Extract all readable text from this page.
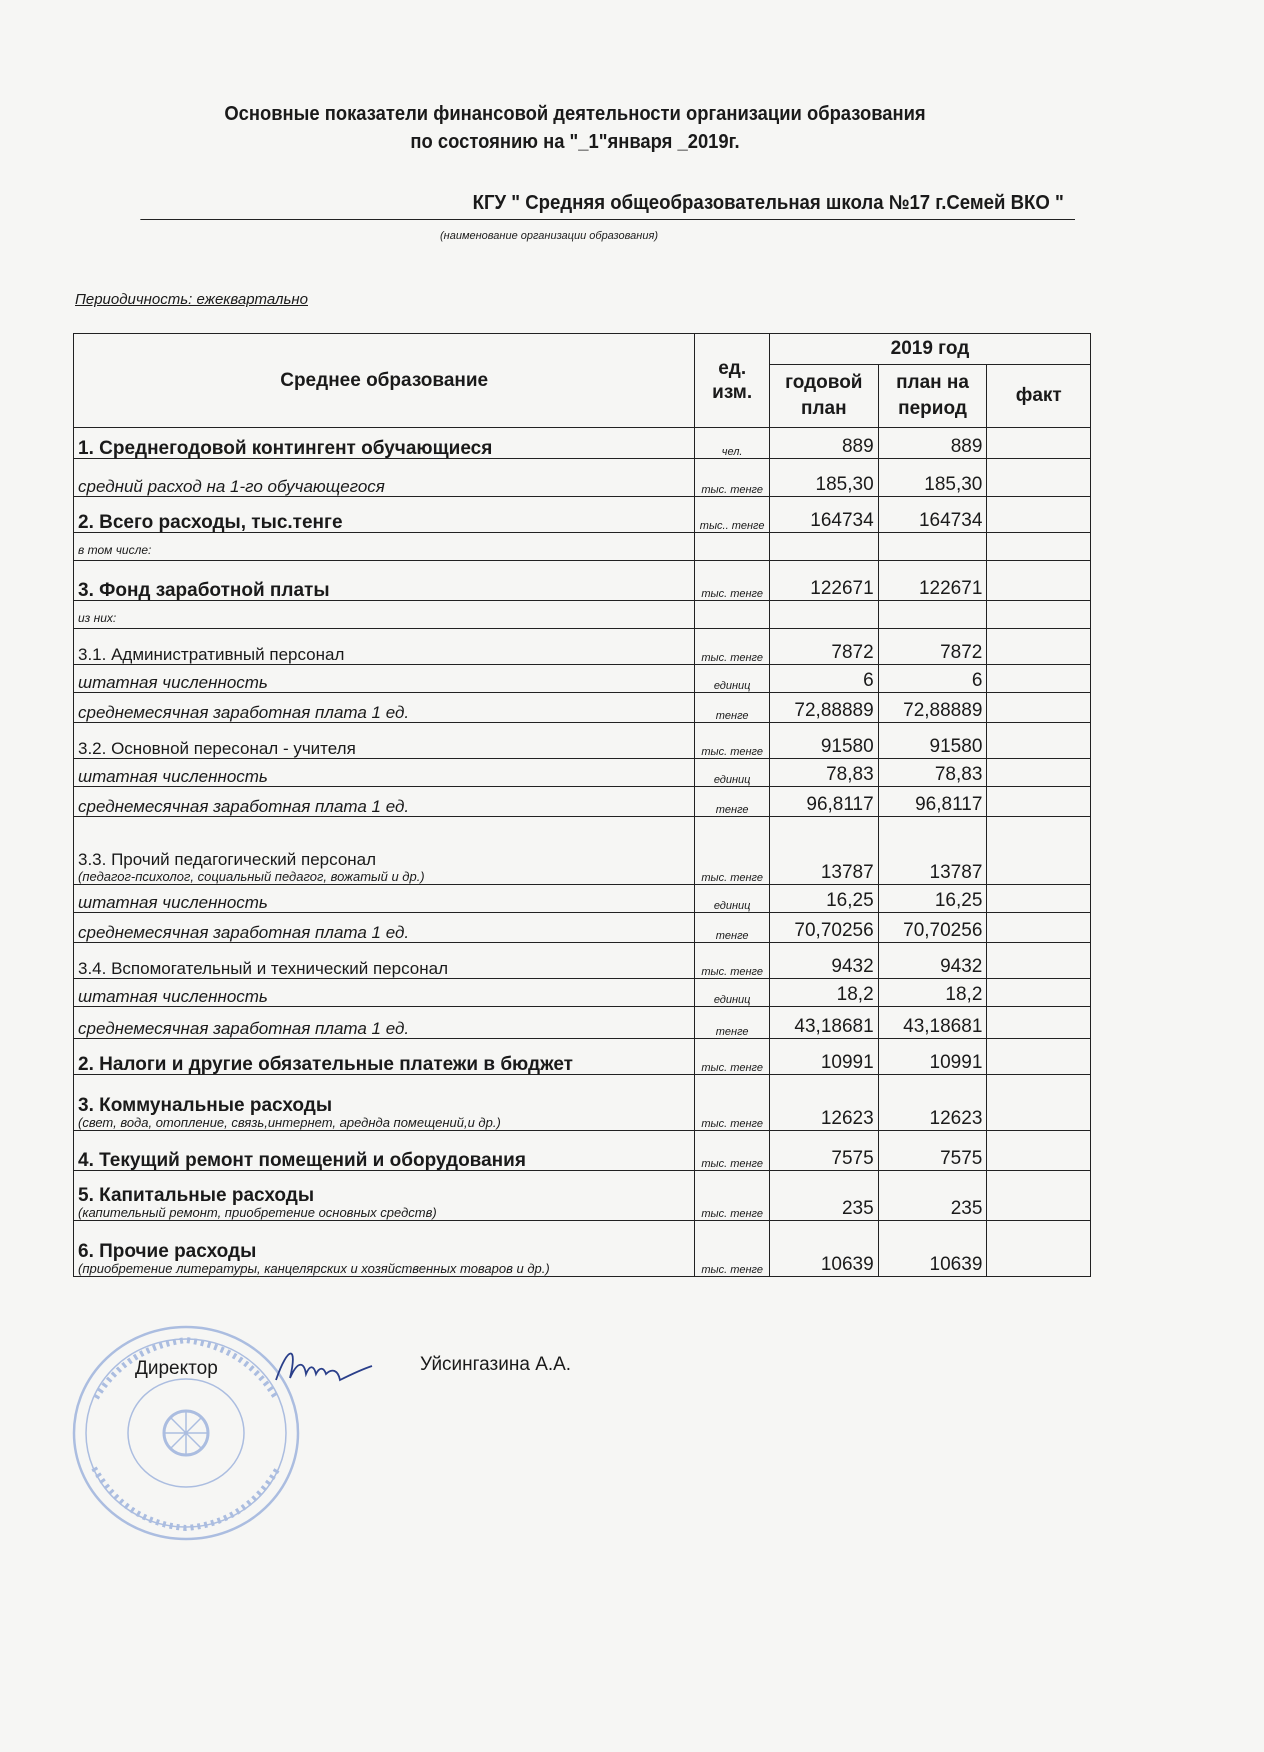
Основные показатели финансовой деятельности организации образования
по состоянию на "_1"января _2019г.
КГУ " Средняя общеобразовательная школа №17 г.Семей ВКО "
(наименование организации образования)
Периодичность: ежеквартально
Среднее образование	ед. изм.	2019 год		
		годовой план	план на период	факт
1. Среднегодовой контингент обучающиеся	чел.	889	889	
средний расход на 1-го обучающегося	тыс. тенге	185,30	185,30	
2. Всего расходы, тыс.тенге	тыс.. тенге	164734	164734	
в том числе:				
3. Фонд заработной платы	тыс. тенге	122671	122671	
из них:				
3.1. Административный персонал	тыс. тенге	7872	7872	
штатная численность	единиц	6	6	
среднемесячная заработная плата 1 ед.	тенге	72,88889	72,88889	
3.2. Основной пересонал - учителя	тыс. тенге	91580	91580	
штатная численность	единиц	78,83	78,83	
среднемесячная заработная плата 1 ед.	тенге	96,8117	96,8117	
3.3. Прочий педагогический персонал
(педагог-психолог, социальный педагог, вожатый и др.)	тыс. тенге	13787	13787	
штатная численность	единиц	16,25	16,25	
среднемесячная заработная плата 1 ед.	тенге	70,70256	70,70256	
3.4. Вспомогательный и технический персонал	тыс. тенге	9432	9432	
штатная численность	единиц	18,2	18,2	
среднемесячная заработная плата 1 ед.	тенге	43,18681	43,18681	
2. Налоги и другие обязательные платежи в бюджет	тыс. тенге	10991	10991	
3. Коммунальные расходы
(свет, вода, отопление, связь,интернет, ареднда помещений,и др.)	тыс. тенге	12623	12623	
4. Текущий ремонт помещений и оборудования	тыс. тенге	7575	7575	
5. Капитальные расходы
(капительный ремонт, приобретение основных средств)	тыс. тенге	235	235	
6. Прочие расходы
(приобретение литературы, канцелярских и хозяйственных товаров и др.)	тыс. тенге	10639	10639	
Директор	Уйсингазина А.А.
